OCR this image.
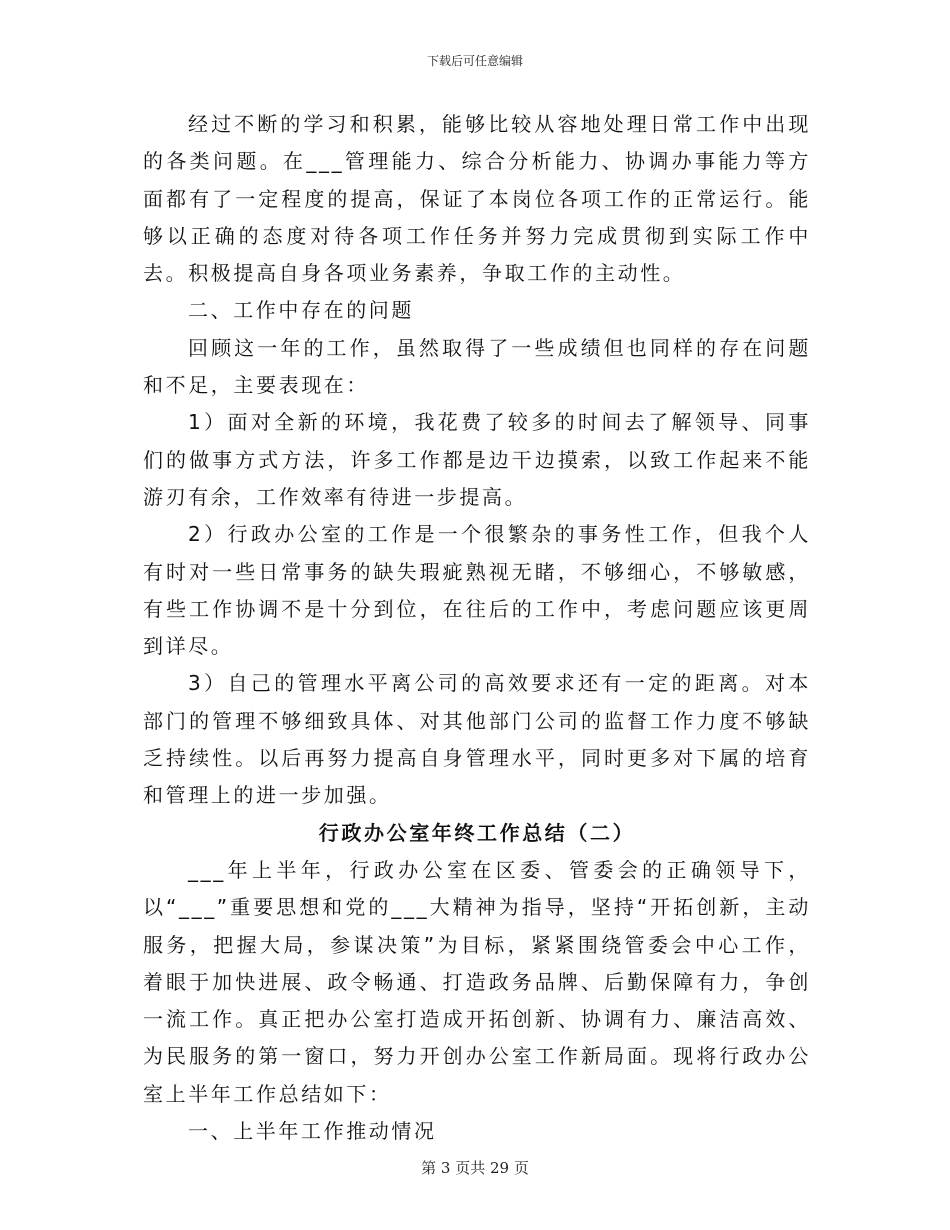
下载后可任意编辑

经过不断的学习和积累，能够比较从容地处理日常工作中出现的各类问题。在___管理能力、综合分析能力、协调办事能力等方面都有了一定程度的提高，保证了本岗位各项工作的正常运行。能够以正确的态度对待各项工作任务并努力完成贯彻到实际工作中去。积极提高自身各项业务素养，争取工作的主动性。

二、工作中存在的问题

回顾这一年的工作，虽然取得了一些成绩但也同样的存在问题和不足，主要表现在：

1）面对全新的环境，我花费了较多的时间去了解领导、同事们的做事方式方法，许多工作都是边干边摸索，以致工作起来不能游刃有余，工作效率有待进一步提高。

2）行政办公室的工作是一个很繁杂的事务性工作，但我个人有时对一些日常事务的缺失瑕疵熟视无睹，不够细心，不够敏感，有些工作协调不是十分到位，在往后的工作中，考虑问题应该更周到详尽。

3）自己的管理水平离公司的高效要求还有一定的距离。对本部门的管理不够细致具体、对其他部门公司的监督工作力度不够缺乏持续性。以后再努力提高自身管理水平，同时更多对下属的培育和管理上的进一步加强。

行政办公室年终工作总结（二）

___年上半年，行政办公室在区委、管委会的正确领导下，以“___”重要思想和党的___大精神为指导，坚持“开拓创新，主动服务，把握大局，参谋决策”为目标，紧紧围绕管委会中心工作，着眼于加快进展、政令畅通、打造政务品牌、后勤保障有力，争创一流工作。真正把办公室打造成开拓创新、协调有力、廉洁高效、为民服务的第一窗口，努力开创办公室工作新局面。现将行政办公室上半年工作总结如下：

一、上半年工作推动情况

第 3 页共 29 页
